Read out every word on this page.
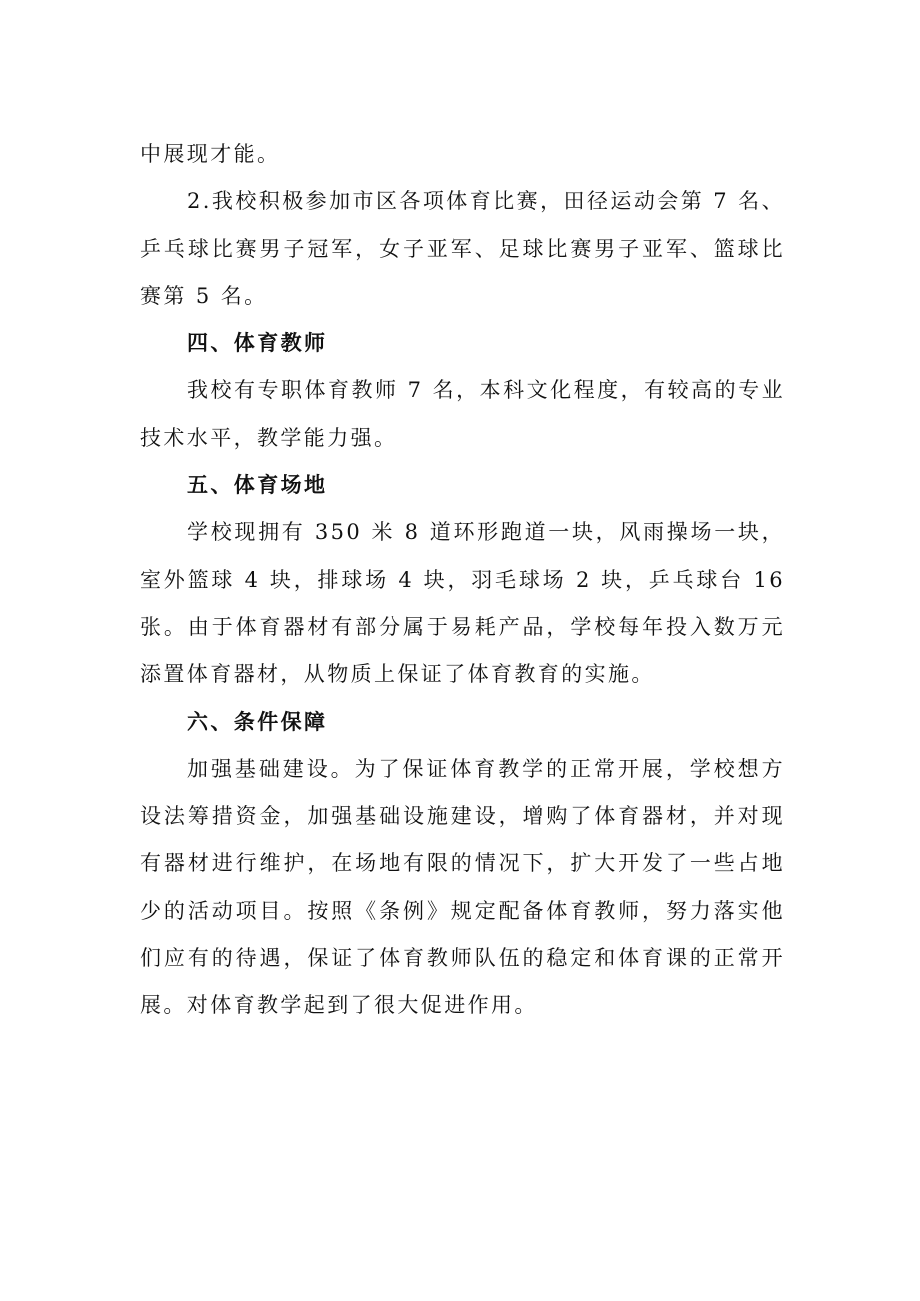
中展现才能。

2.我校积极参加市区各项体育比赛，田径运动会第 7 名、乒乓球比赛男子冠军，女子亚军、足球比赛男子亚军、篮球比赛第 5 名。

四、体育教师

我校有专职体育教师 7 名，本科文化程度，有较高的专业技术水平，教学能力强。

五、体育场地

学校现拥有 350 米 8 道环形跑道一块，风雨操场一块，室外篮球 4 块，排球场 4 块，羽毛球场 2 块，乒乓球台 16 张。由于体育器材有部分属于易耗产品，学校每年投入数万元添置体育器材，从物质上保证了体育教育的实施。

六、条件保障

加强基础建设。为了保证体育教学的正常开展，学校想方设法筹措资金，加强基础设施建设，增购了体育器材，并对现有器材进行维护，在场地有限的情况下，扩大开发了一些占地少的活动项目。按照《条例》规定配备体育教师，努力落实他们应有的待遇，保证了体育教师队伍的稳定和体育课的正常开展。对体育教学起到了很大促进作用。
